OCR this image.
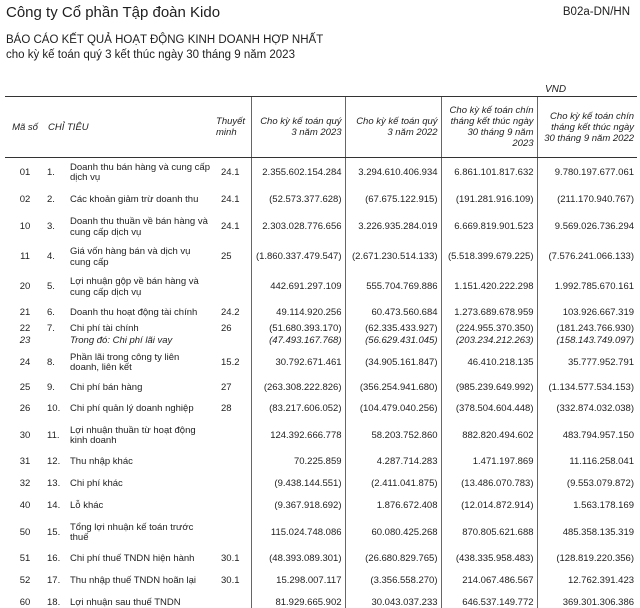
Công ty Cổ phần Tập đoàn Kido	B02a-DN/HN
BÁO CÁO KẾT QUẢ HOẠT ĐỘNG KINH DOANH HỢP NHẤT
cho kỳ kế toán quý 3 kết thúc ngày 30 tháng 9 năm 2023
VND
Mã số	CHỈ TIÊU		Thuyết minh	Cho kỳ kế toán quý 3 năm 2023	Cho kỳ kế toán quý 3 năm 2022	Cho kỳ kế toán chín tháng kết thúc ngày 30 tháng 9 năm 2023	Cho kỳ kế toán chín tháng kết thúc ngày 30 tháng 9 năm 2022
01	1.	Doanh thu bán hàng và cung cấp dịch vụ	24.1	2.355.602.154.284	3.294.610.406.934	6.861.101.817.632	9.780.197.677.061
02	2.	Các khoản giảm trừ doanh thu	24.1	(52.573.377.628)	(67.675.122.915)	(191.281.916.109)	(211.170.940.767)
10	3.	Doanh thu thuần về bán hàng và cung cấp dịch vụ	24.1	2.303.028.776.656	3.226.935.284.019	6.669.819.901.523	9.569.026.736.294
11	4.	Giá vốn hàng bán và dịch vụ cung cấp	25	(1.860.337.479.547)	(2.671.230.514.133)	(5.518.399.679.225)	(7.576.241.066.133)
20	5.	Lợi nhuận gộp về bán hàng và cung cấp dịch vụ		442.691.297.109	555.704.769.886	1.151.420.222.298	1.992.785.670.161
21	6.	Doanh thu hoạt động tài chính	24.2	49.114.920.256	60.473.560.684	1.273.689.678.959	103.926.667.319
22	7.	Chi phí tài chính	26	(51.680.393.170)	(62.335.433.927)	(224.955.370.350)	(181.243.766.930)
23		Trong đó: Chi phí lãi vay		(47.493.167.768)	(56.629.431.045)	(203.234.212.263)	(158.143.749.097)
24	8.	Phần lãi trong công ty liên doanh, liên kết	15.2	30.792.671.461	(34.905.161.847)	46.410.218.135	35.777.952.791
25	9.	Chi phí bán hàng	27	(263.308.222.826)	(356.254.941.680)	(985.239.649.992)	(1.134.577.534.153)
26	10.	Chi phí quản lý doanh nghiệp	28	(83.217.606.052)	(104.479.040.256)	(378.504.604.448)	(332.874.032.038)
30	11.	Lợi nhuận thuần từ hoạt động kinh doanh		124.392.666.778	58.203.752.860	882.820.494.602	483.794.957.150
31	12.	Thu nhập khác		70.225.859	4.287.714.283	1.471.197.869	11.116.258.041
32	13.	Chi phí khác		(9.438.144.551)	(2.411.041.875)	(13.486.070.783)	(9.553.079.872)
40	14.	Lỗ khác		(9.367.918.692)	1.876.672.408	(12.014.872.914)	1.563.178.169
50	15.	Tổng lợi nhuận kế toán trước thuế		115.024.748.086	60.080.425.268	870.805.621.688	485.358.135.319
51	16.	Chi phí thuế TNDN hiện hành	30.1	(48.393.089.301)	(26.680.829.765)	(438.335.958.483)	(128.819.220.356)
52	17.	Thu nhập thuế TNDN hoãn lại	30.1	15.298.007.117	(3.356.558.270)	214.067.486.567	12.762.391.423
60	18.	Lợi nhuận sau thuế TNDN		81.929.665.902	30.043.037.233	646.537.149.772	369.301.306.386
